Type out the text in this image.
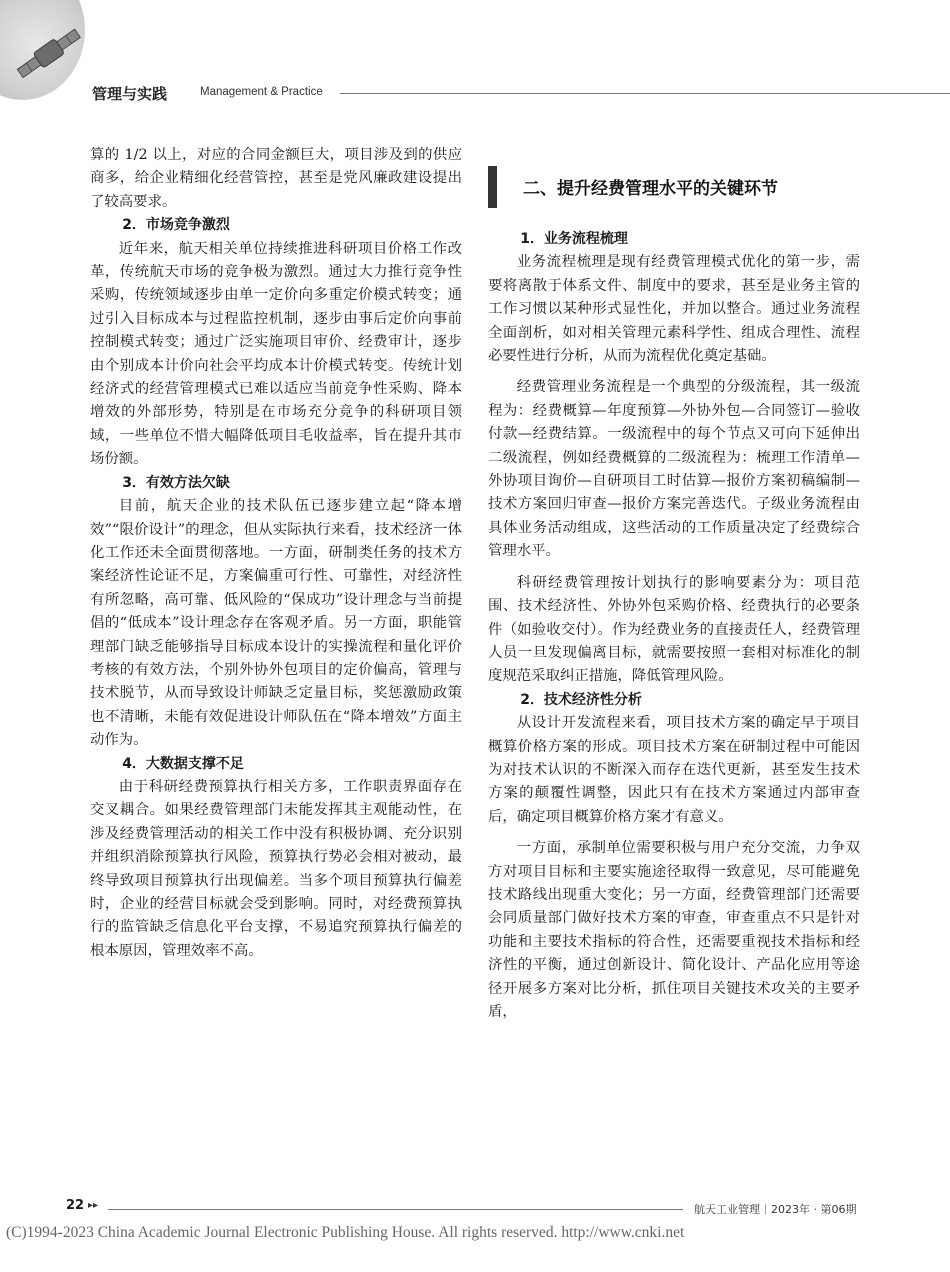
管理与实践	Management & Practice

算的 1/2 以上，对应的合同金额巨大，项目涉及到的供应商多，给企业精细化经营管控，甚至是党风廉政建设提出了较高要求。

2．市场竞争激烈

近年来，航天相关单位持续推进科研项目价格工作改革，传统航天市场的竞争极为激烈。通过大力推行竞争性采购，传统领域逐步由单一定价向多重定价模式转变；通过引入目标成本与过程监控机制，逐步由事后定价向事前控制模式转变；通过广泛实施项目审价、经费审计，逐步由个别成本计价向社会平均成本计价模式转变。传统计划经济式的经营管理模式已难以适应当前竞争性采购、降本增效的外部形势，特别是在市场充分竞争的科研项目领域，一些单位不惜大幅降低项目毛收益率，旨在提升其市场份额。

3．有效方法欠缺

目前，航天企业的技术队伍已逐步建立起“降本增效”“限价设计”的理念，但从实际执行来看，技术经济一体化工作还未全面贯彻落地。一方面，研制类任务的技术方案经济性论证不足，方案偏重可行性、可靠性，对经济性有所忽略，高可靠、低风险的“保成功”设计理念与当前提倡的“低成本”设计理念存在客观矛盾。另一方面，职能管理部门缺乏能够指导目标成本设计的实操流程和量化评价考核的有效方法，个别外协外包项目的定价偏高，管理与技术脱节，从而导致设计师缺乏定量目标，奖惩激励政策也不清晰，未能有效促进设计师队伍在“降本增效”方面主动作为。

4．大数据支撑不足

由于科研经费预算执行相关方多，工作职责界面存在交叉耦合。如果经费管理部门未能发挥其主观能动性，在涉及经费管理活动的相关工作中没有积极协调、充分识别并组织消除预算执行风险，预算执行势必会相对被动，最终导致项目预算执行出现偏差。当多个项目预算执行偏差时，企业的经营目标就会受到影响。同时，对经费预算执行的监管缺乏信息化平台支撑，不易追究预算执行偏差的根本原因，管理效率不高。

二、提升经费管理水平的关键环节
1．业务流程梳理

业务流程梳理是现有经费管理模式优化的第一步，需要将离散于体系文件、制度中的要求，甚至是业务主管的工作习惯以某种形式显性化，并加以整合。通过业务流程全面剖析，如对相关管理元素科学性、组成合理性、流程必要性进行分析，从而为流程优化奠定基础。

经费管理业务流程是一个典型的分级流程，其一级流程为：经费概算—年度预算—外协外包—合同签订—验收付款—经费结算。一级流程中的每个节点又可向下延伸出二级流程，例如经费概算的二级流程为：梳理工作清单—外协项目询价—自研项目工时估算—报价方案初稿编制—技术方案回归审查—报价方案完善迭代。子级业务流程由具体业务活动组成，这些活动的工作质量决定了经费综合管理水平。

科研经费管理按计划执行的影响要素分为：项目范围、技术经济性、外协外包采购价格、经费执行的必要条件（如验收交付）。作为经费业务的直接责任人，经费管理人员一旦发现偏离目标，就需要按照一套相对标准化的制度规范采取纠正措施，降低管理风险。

2．技术经济性分析

从设计开发流程来看，项目技术方案的确定早于项目概算价格方案的形成。项目技术方案在研制过程中可能因为对技术认识的不断深入而存在迭代更新，甚至发生技术方案的颠覆性调整，因此只有在技术方案通过内部审查后，确定项目概算价格方案才有意义。

一方面，承制单位需要积极与用户充分交流，力争双方对项目目标和主要实施途径取得一致意见，尽可能避免技术路线出现重大变化；另一方面，经费管理部门还需要会同质量部门做好技术方案的审查，审查重点不只是针对功能和主要技术指标的符合性，还需要重视技术指标和经济性的平衡，通过创新设计、简化设计、产品化应用等途径开展多方案对比分析，抓住项目关键技术攻关的主要矛盾，

22 ▸▸	航天工业管理｜2023年 · 第06期
(C)1994-2023 China Academic Journal Electronic Publishing House. All rights reserved. http://www.cnki.net
